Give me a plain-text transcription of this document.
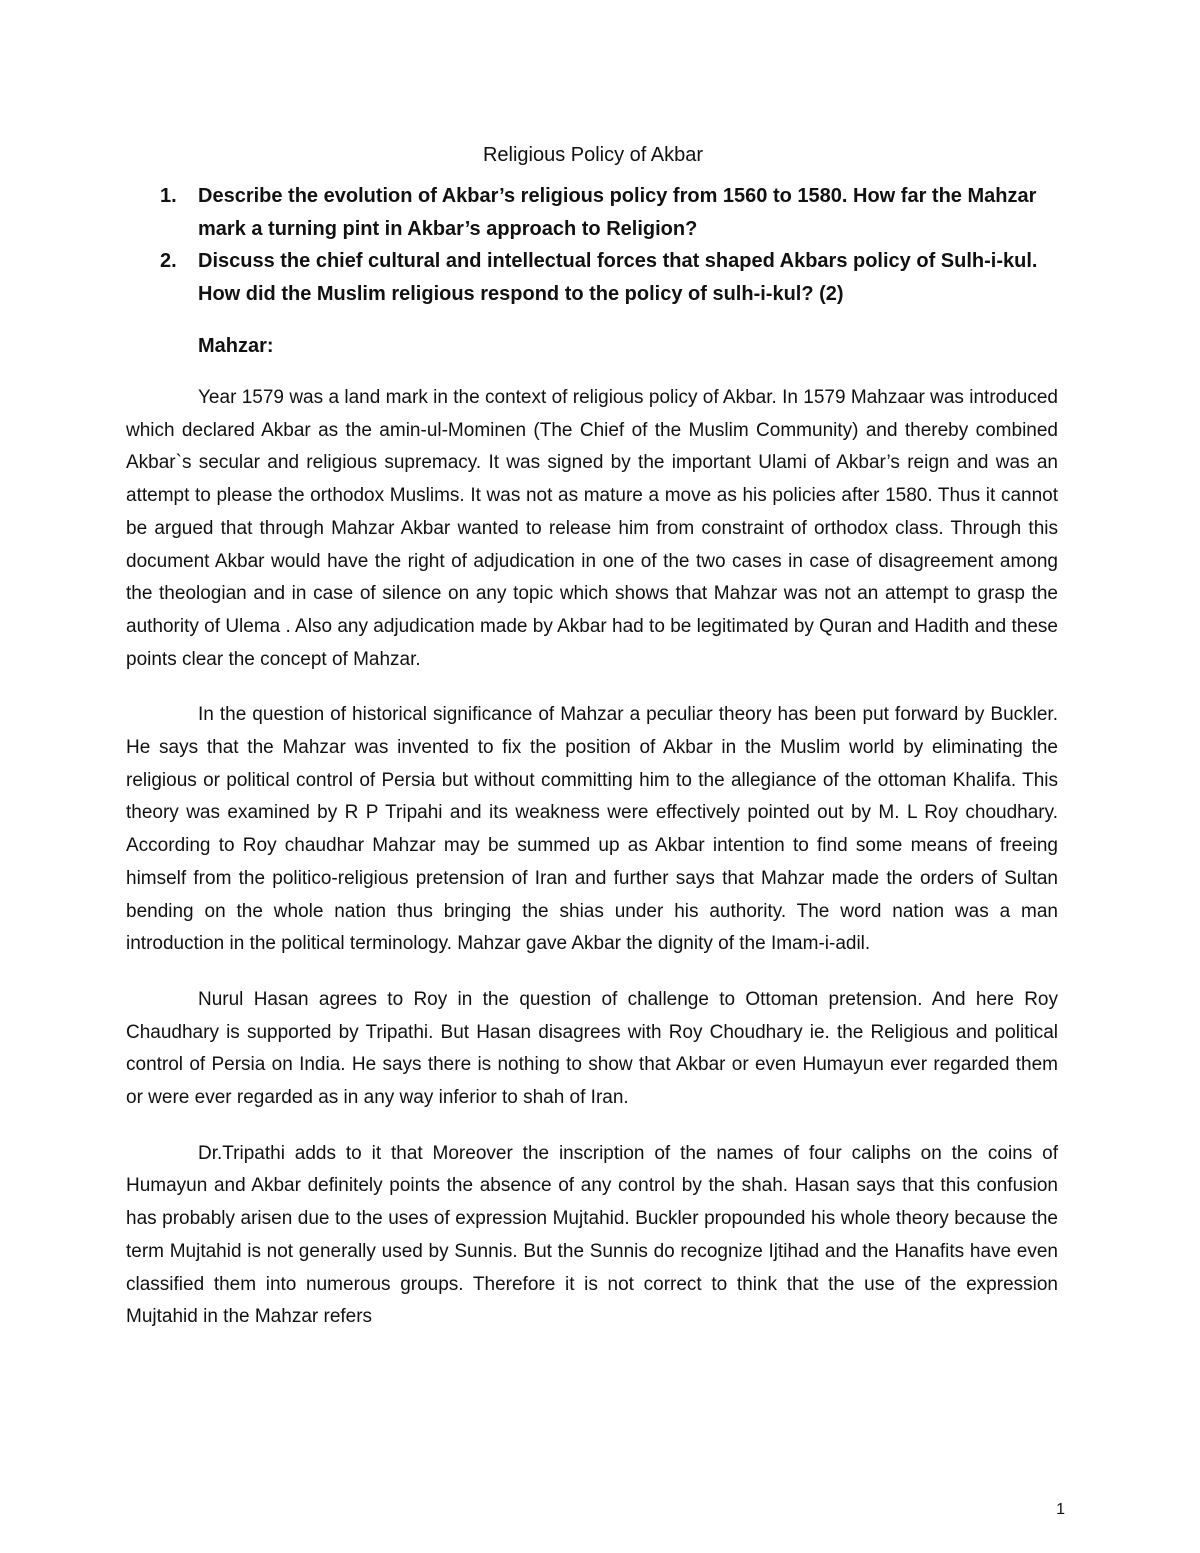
Religious Policy of Akbar
1. Describe the evolution of Akbar’s religious policy from 1560 to 1580. How far the Mahzar mark a turning pint in Akbar’s approach to Religion?
2. Discuss the chief cultural and intellectual forces that shaped Akbars policy of Sulh-i-kul. How did the Muslim religious respond to the policy of sulh-i-kul? (2)
Mahzar:

Year 1579 was a land mark in the context of religious policy of Akbar. In 1579 Mahzaar was introduced which declared Akbar as the amin-ul-Mominen (The Chief of the Muslim Community) and thereby combined Akbar`s secular and religious supremacy. It was signed by the important Ulami of Akbar’s reign and was an attempt to please the orthodox Muslims. It was not as mature a move as his policies after 1580. Thus it cannot be argued that through Mahzar Akbar wanted to release him from constraint of orthodox class. Through this document Akbar would have the right of adjudication in one of the two cases in case of disagreement among the theologian and in case of silence on any topic which shows that Mahzar was not an attempt to grasp the authority of Ulema . Also any adjudication made by Akbar had to be legitimated by Quran and Hadith and these points clear the concept of Mahzar.

In the question of historical significance of Mahzar a peculiar theory has been put forward by Buckler. He says that the Mahzar was invented to fix the position of Akbar in the Muslim world by eliminating the religious or political control of Persia but without committing him to the allegiance of the ottoman Khalifa. This theory was examined by R P Tripahi and its weakness were effectively pointed out by M. L Roy choudhary. According to Roy chaudhar Mahzar may be summed up as Akbar intention to find some means of freeing himself from the politico-religious pretension of Iran and further says that Mahzar made the orders of Sultan bending on the whole nation thus bringing the shias under his authority. The word nation was a man introduction in the political terminology. Mahzar gave Akbar the dignity of the Imam-i-adil.

Nurul Hasan agrees to Roy in the question of challenge to Ottoman pretension. And here Roy Chaudhary is supported by Tripathi. But Hasan disagrees with Roy Choudhary ie. the Religious and political control of Persia on India. He says there is nothing to show that Akbar or even Humayun ever regarded them or were ever regarded as in any way inferior to shah of Iran.

Dr.Tripathi adds to it that Moreover the inscription of the names of four caliphs on the coins of Humayun and Akbar definitely points the absence of any control by the shah. Hasan says that this confusion has probably arisen due to the uses of expression Mujtahid. Buckler propounded his whole theory because the term Mujtahid is not generally used by Sunnis. But the Sunnis do recognize Ijtihad and the Hanafits have even classified them into numerous groups. Therefore it is not correct to think that the use of the expression Mujtahid in the Mahzar refers

1
